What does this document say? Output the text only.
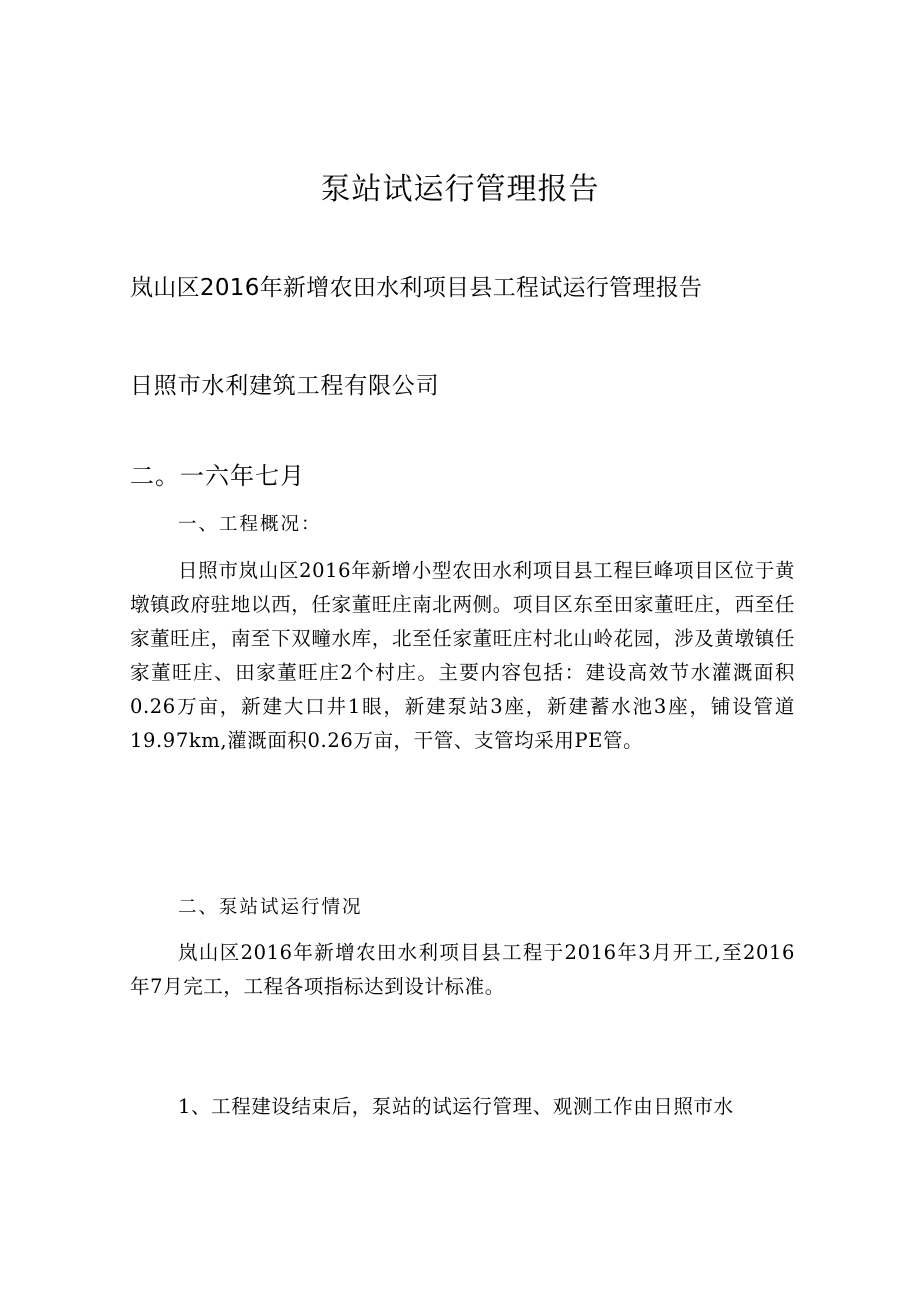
泵站试运行管理报告
岚山区2016年新增农田水利项目县工程试运行管理报告
日照市水利建筑工程有限公司
二。一六年七月
一、工程概况：
日照市岚山区2016年新增小型农田水利项目县工程巨峰项目区位于黄墩镇政府驻地以西，任家董旺庄南北两侧。项目区东至田家董旺庄，西至任家董旺庄，南至下双疃水库，北至任家董旺庄村北山岭花园，涉及黄墩镇任家董旺庄、田家董旺庄2个村庄。主要内容包括：建设高效节水灌溉面积0.26万亩，新建大口井1眼，新建泵站3座，新建蓄水池3座，铺设管道19.97km,灌溉面积0.26万亩，干管、支管均采用PE管。
二、泵站试运行情况
岚山区2016年新增农田水利项目县工程于2016年3月开工,至2016年7月完工，工程各项指标达到设计标准。
1、工程建设结束后，泵站的试运行管理、观测工作由日照市水
